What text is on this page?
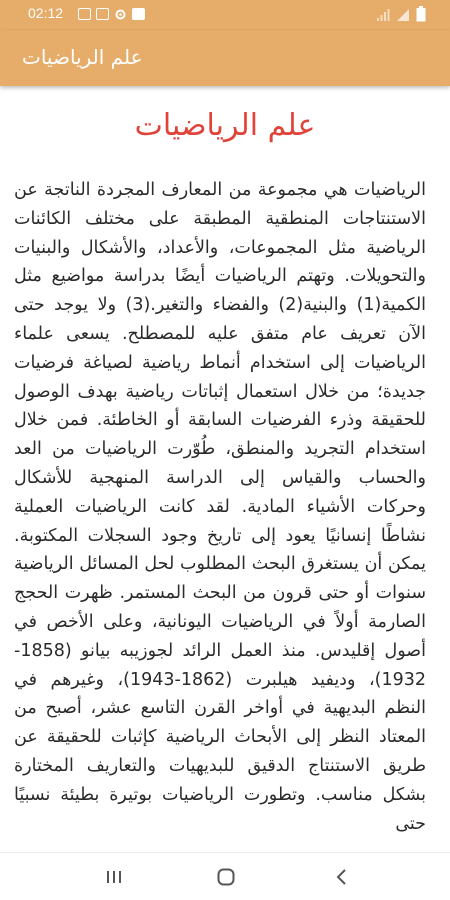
02:12
علم الرياضيات
علم الرياضيات
الرياضيات هي مجموعة من المعارف المجردة الناتجة عن الاستنتاجات المنطقية المطبقة على مختلف الكائنات الرياضية مثل المجموعات، والأعداد، والأشكال والبنيات والتحويلات. وتهتم الرياضيات أيضًا بدراسة مواضيع مثل الكمية(1) والبنية(2) والفضاء والتغير.(3) ولا يوجد حتى الآن تعريف عام متفق عليه للمصطلح. يسعى علماء الرياضيات إلى استخدام أنماط رياضية لصياغة فرضيات جديدة؛ من خلال استعمال إثباتات رياضية بهدف الوصول للحقيقة وذرء الفرضيات السابقة أو الخاطئة. فمن خلال استخدام التجريد والمنطق، طُوّرت الرياضيات من العد والحساب والقياس إلى الدراسة المنهجية للأشكال وحركات الأشياء المادية. لقد كانت الرياضيات العملية نشاطًا إنسانيًا يعود إلى تاريخ وجود السجلات المكتوبة. يمكن أن يستغرق البحث المطلوب لحل المسائل الرياضية سنوات أو حتى قرون من البحث المستمر. ظهرت الحجج الصارمة أولاً في الرياضيات اليونانية، وعلى الأخص في أصول إقليدس. منذ العمل الرائد لجوزيبه بيانو (1858-1932)، وديفيد هيلبرت (1862-1943)، وغيرهم في النظم البديهية في أواخر القرن التاسع عشر، أصبح من المعتاد النظر إلى الأبحاث الرياضية كإثبات للحقيقة عن طريق الاستنتاج الدقيق للبديهيات والتعاريف المختارة بشكل مناسب. وتطورت الرياضيات بوتيرة بطيئة نسبيًا حتى
